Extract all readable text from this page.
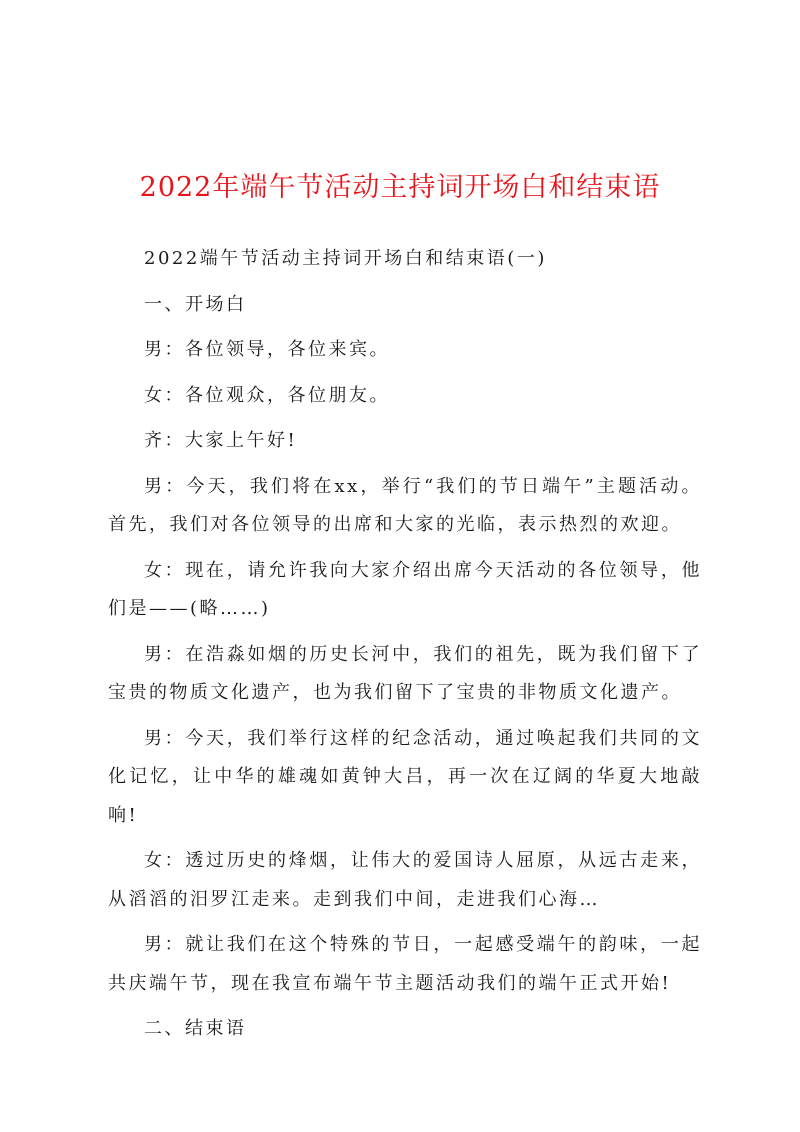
2022年端午节活动主持词开场白和结束语

2022端午节活动主持词开场白和结束语(一)

一、开场白

男：各位领导，各位来宾。

女：各位观众，各位朋友。

齐：大家上午好!

男：今天，我们将在xx，举行“我们的节日端午”主题活动。首先，我们对各位领导的出席和大家的光临，表示热烈的欢迎。

女：现在，请允许我向大家介绍出席今天活动的各位领导，他们是——(略……)

男：在浩淼如烟的历史长河中，我们的祖先，既为我们留下了宝贵的物质文化遗产，也为我们留下了宝贵的非物质文化遗产。

男：今天，我们举行这样的纪念活动，通过唤起我们共同的文化记忆，让中华的雄魂如黄钟大吕，再一次在辽阔的华夏大地敲响!

女：透过历史的烽烟，让伟大的爱国诗人屈原，从远古走来，从滔滔的汨罗江走来。走到我们中间，走进我们心海…

男：就让我们在这个特殊的节日，一起感受端午的韵味，一起共庆端午节，现在我宣布端午节主题活动我们的端午正式开始!

二、结束语
